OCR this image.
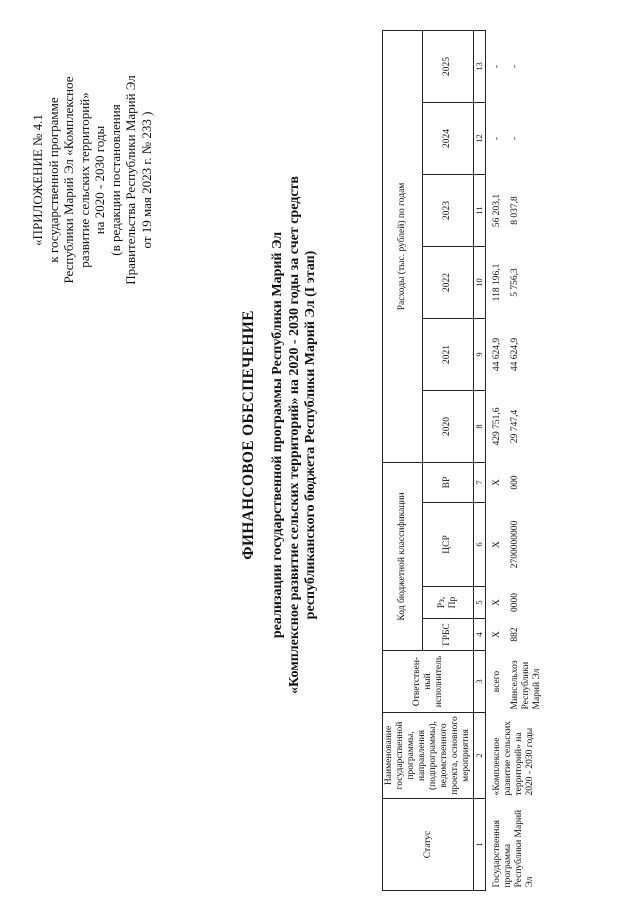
«ПРИЛОЖЕНИЕ № 4.1 к государственной программе Республики Марий Эл «Комплексное развитие сельских территорий» на 2020 - 2030 годы (в редакции постановления Правительства Республики Марий Эл от 19 мая 2023 г. № 233 )
ФИНАНСОВОЕ ОБЕСПЕЧЕНИЕ реализации государственной программы Республики Марий Эл «Комплексное развитие сельских территорий» на 2020 - 2030 годы за счет средств республиканского бюджета Республики Марий Эл (I этап)
Статус	Наименование государственной программы, направления (подпрограммы), ведомственного проекта, основного мероприятия	Ответствен-ный исполнитель	Код бюджетной классификации				Расходы (тыс. рублей) по годам					
			ГРБС	Рз, Пр	ЦСР	ВР	2020	2021	2022	2023	2024	2025
1	2	3	4	5	6	7	8	9	10	11	12	13
Государственная программа Республики Марий Эл	«Комплексное развитие сельских территорий» на 2020 - 2030 годы	всего	Х	Х	Х	Х	429 751,6	44 624,9	118 196,1	56 203,1	-	-
		Минсельхоз Республики Марий Эл	882	0000	2700000000	000	29 747,4	44 624,9	5 756,3	8 037,8	-	-
